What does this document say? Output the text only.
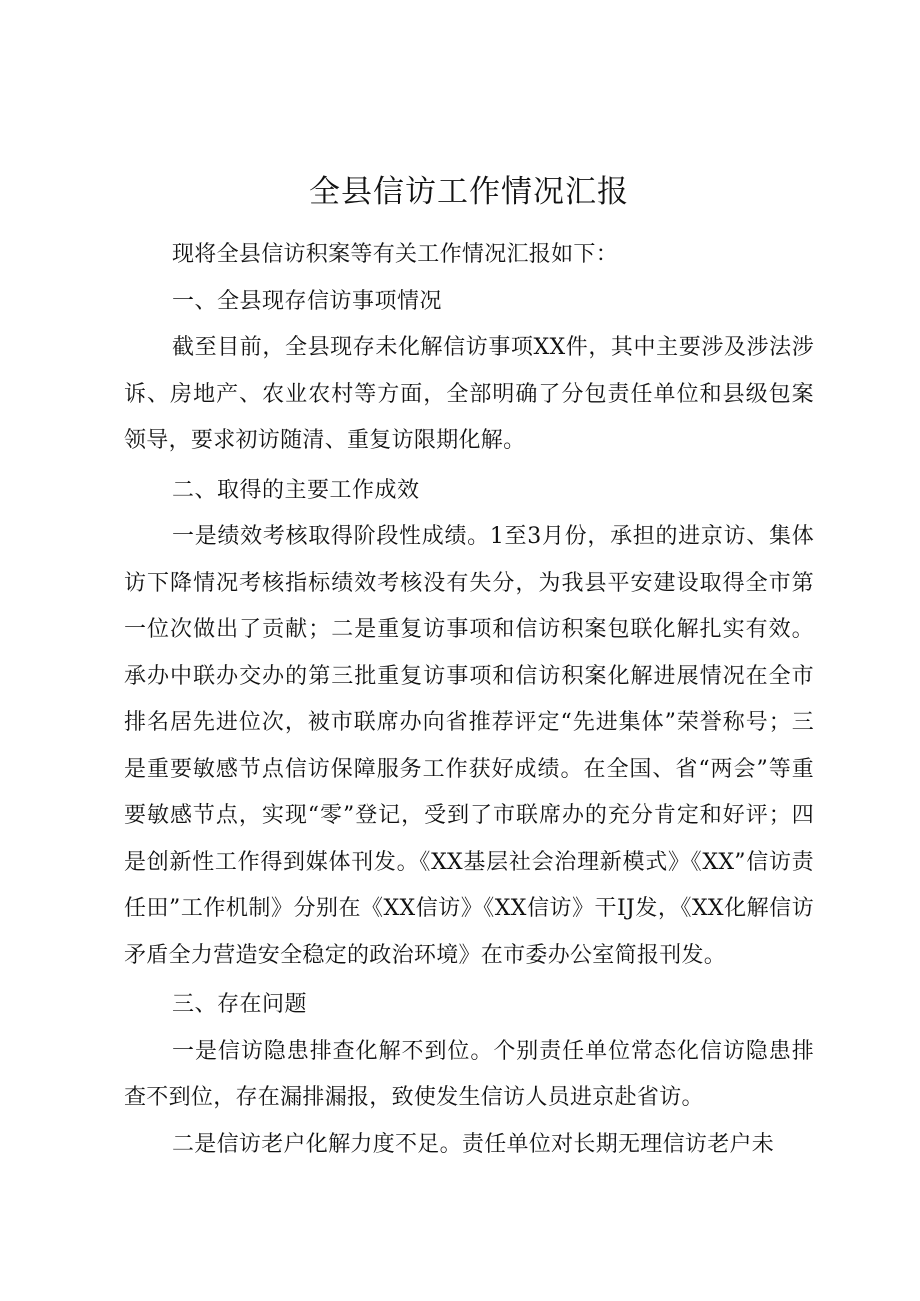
全县信访工作情况汇报

现将全县信访积案等有关工作情况汇报如下：

一、全县现存信访事项情况

截至目前，全县现存未化解信访事项XX件，其中主要涉及涉法涉诉、房地产、农业农村等方面，全部明确了分包责任单位和县级包案领导，要求初访随清、重复访限期化解。

二、取得的主要工作成效

一是绩效考核取得阶段性成绩。1至3月份，承担的进京访、集体访下降情况考核指标绩效考核没有失分，为我县平安建设取得全市第一位次做出了贡献；二是重复访事项和信访积案包联化解扎实有效。承办中联办交办的第三批重复访事项和信访积案化解进展情况在全市排名居先进位次，被市联席办向省推荐评定“先进集体”荣誉称号；三是重要敏感节点信访保障服务工作获好成绩。在全国、省“两会”等重要敏感节点，实现“零”登记，受到了市联席办的充分肯定和好评；四是创新性工作得到媒体刊发。《XX基层社会治理新模式》《XX”信访责任田”工作机制》分别在《XX信访》《XX信访》干IJ发，《XX化解信访矛盾全力营造安全稳定的政治环境》在市委办公室简报刊发。

三、存在问题

一是信访隐患排查化解不到位。个别责任单位常态化信访隐患排查不到位，存在漏排漏报，致使发生信访人员进京赴省访。

二是信访老户化解力度不足。责任单位对长期无理信访老户未
